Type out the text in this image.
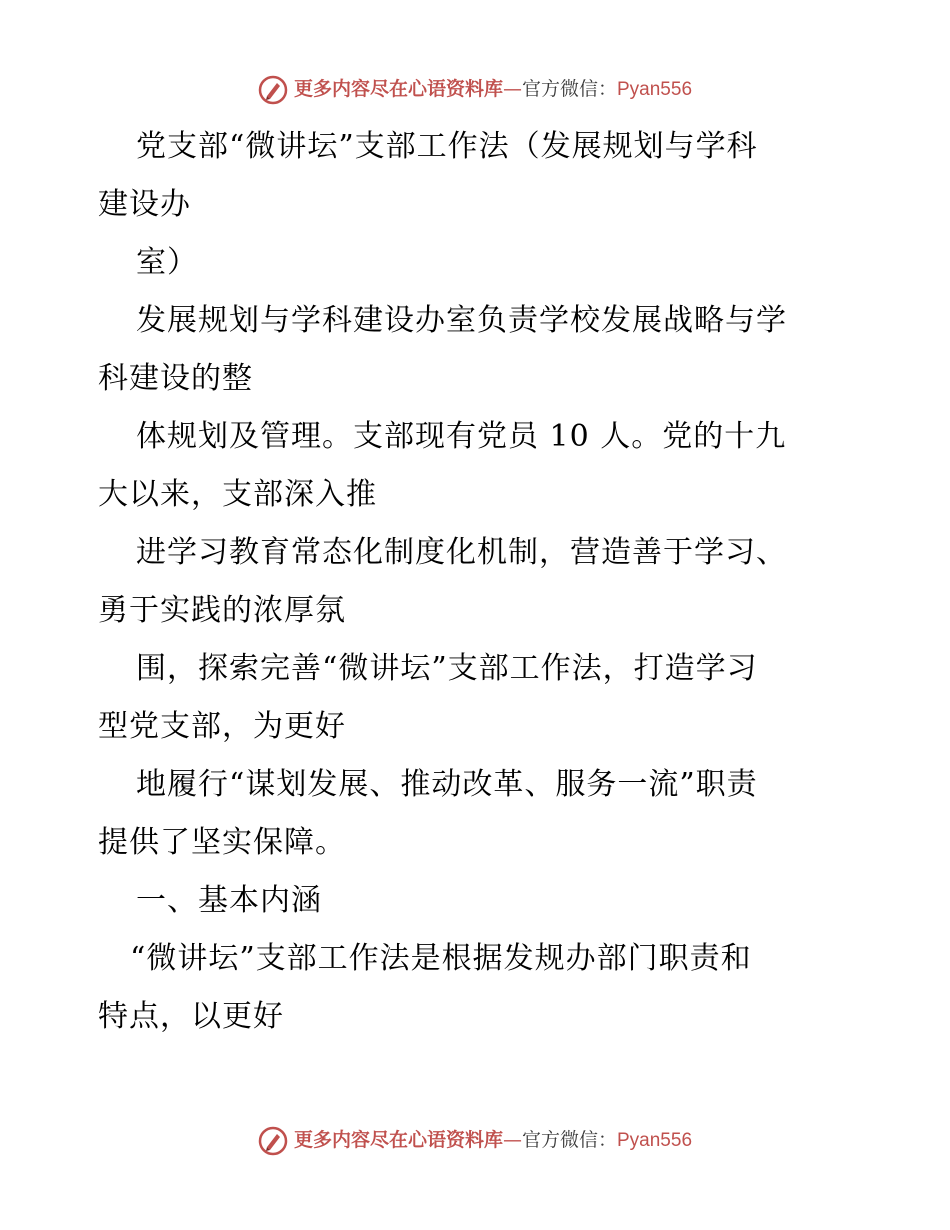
更多内容尽在心语资料库—官方微信：Pyan556
党支部“微讲坛”支部工作法（发展规划与学科
建设办
室）
发展规划与学科建设办室负责学校发展战略与学
科建设的整
体规划及管理。支部现有党员 10 人。党的十九
大以来，支部深入推
进学习教育常态化制度化机制，营造善于学习、
勇于实践的浓厚氛
围，探索完善“微讲坛”支部工作法，打造学习
型党支部，为更好
地履行“谋划发展、推动改革、服务一流”职责
提供了坚实保障。
一、基本内涵
“微讲坛”支部工作法是根据发规办部门职责和
特点，以更好
更多内容尽在心语资料库—官方微信：Pyan556
